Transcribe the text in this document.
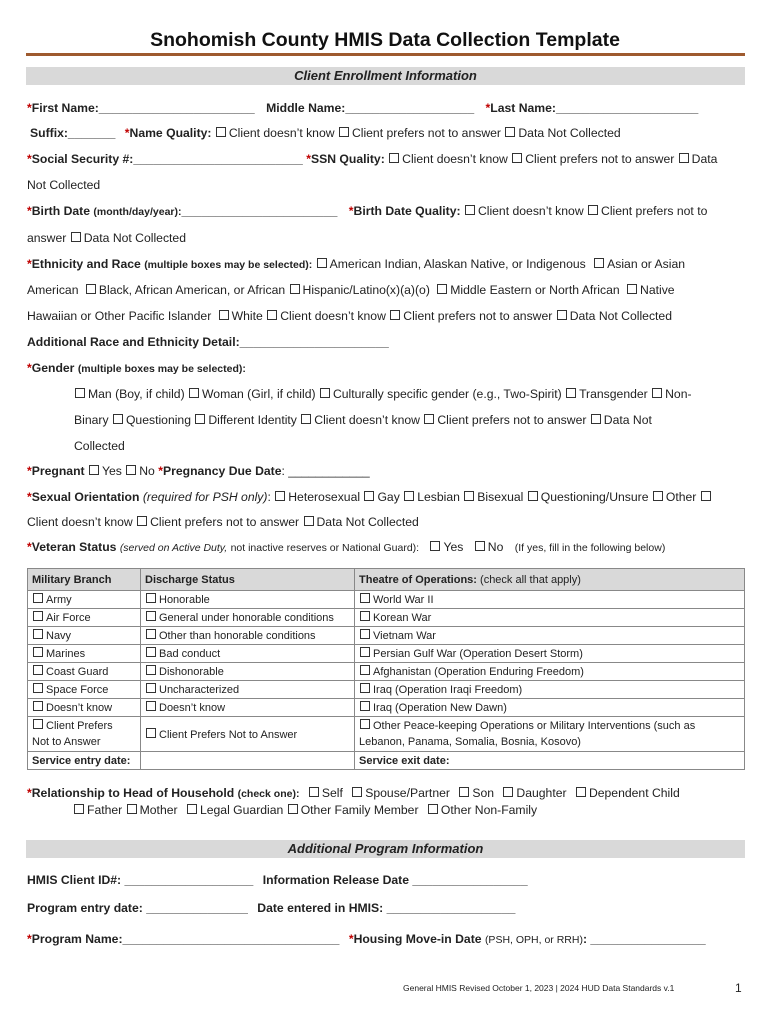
Snohomish County HMIS Data Collection Template
Client Enrollment Information
*First Name:_______________________ Middle Name:___________________ *Last Name:_____________________
Suffix:_______ *Name Quality: Client doesn’t know Client prefers not to answer Data Not Collected
*Social Security #:_________________________ *SSN Quality: Client doesn’t know Client prefers not to answer Data
Not Collected
*Birth Date (month/day/year):_______________________ *Birth Date Quality: Client doesn’t know Client prefers not to
answer Data Not Collected
*Ethnicity and Race (multiple boxes may be selected): American Indian, Alaskan Native, or Indigenous Asian or Asian
American Black, African American, or African Hispanic/Latino(x)(a)(o) Middle Eastern or North African Native
Hawaiian or Other Pacific Islander White Client doesn’t know Client prefers not to answer Data Not Collected
Additional Race and Ethnicity Detail:______________________
*Gender (multiple boxes may be selected):
Man (Boy, if child) Woman (Girl, if child) Culturally specific gender (e.g., Two-Spirit) Transgender Non-
Binary Questioning Different Identity Client doesn’t know Client prefers not to answer Data Not
Collected
*Pregnant Yes No *Pregnancy Due Date: ____________
*Sexual Orientation (required for PSH only): Heterosexual Gay Lesbian Bisexual Questioning/Unsure Other
Client doesn’t know Client prefers not to answer Data Not Collected
*Veteran Status (served on Active Duty, not inactive reserves or National Guard): Yes No (If yes, fill in the following below)
Military Branch	Discharge Status	Theatre of Operations: (check all that apply)
Army	Honorable	World War II
Air Force	General under honorable conditions	Korean War
Navy	Other than honorable conditions	Vietnam War
Marines	Bad conduct	Persian Gulf War (Operation Desert Storm)
Coast Guard	Dishonorable	Afghanistan (Operation Enduring Freedom)
Space Force	Uncharacterized	Iraq (Operation Iraqi Freedom)
Doesn’t know	Doesn’t know	Iraq (Operation New Dawn)
Client Prefers
Not to Answer	Client Prefers Not to Answer	Other Peace-keeping Operations or Military Interventions (such as
Lebanon, Panama, Somalia, Bosnia, Kosovo)
Service entry date:		Service exit date:
*Relationship to Head of Household (check one): Self Spouse/Partner Son Daughter Dependent Child
Father Mother Legal Guardian Other Family Member Other Non-Family
Additional Program Information
HMIS Client ID#: ___________________ Information Release Date _________________
Program entry date: _______________ Date entered in HMIS: ___________________
*Program Name:________________________________ *Housing Move-in Date (PSH, OPH, or RRH): _________________
General HMIS Revised October 1, 2023 | 2024 HUD Data Standards v.1	1
